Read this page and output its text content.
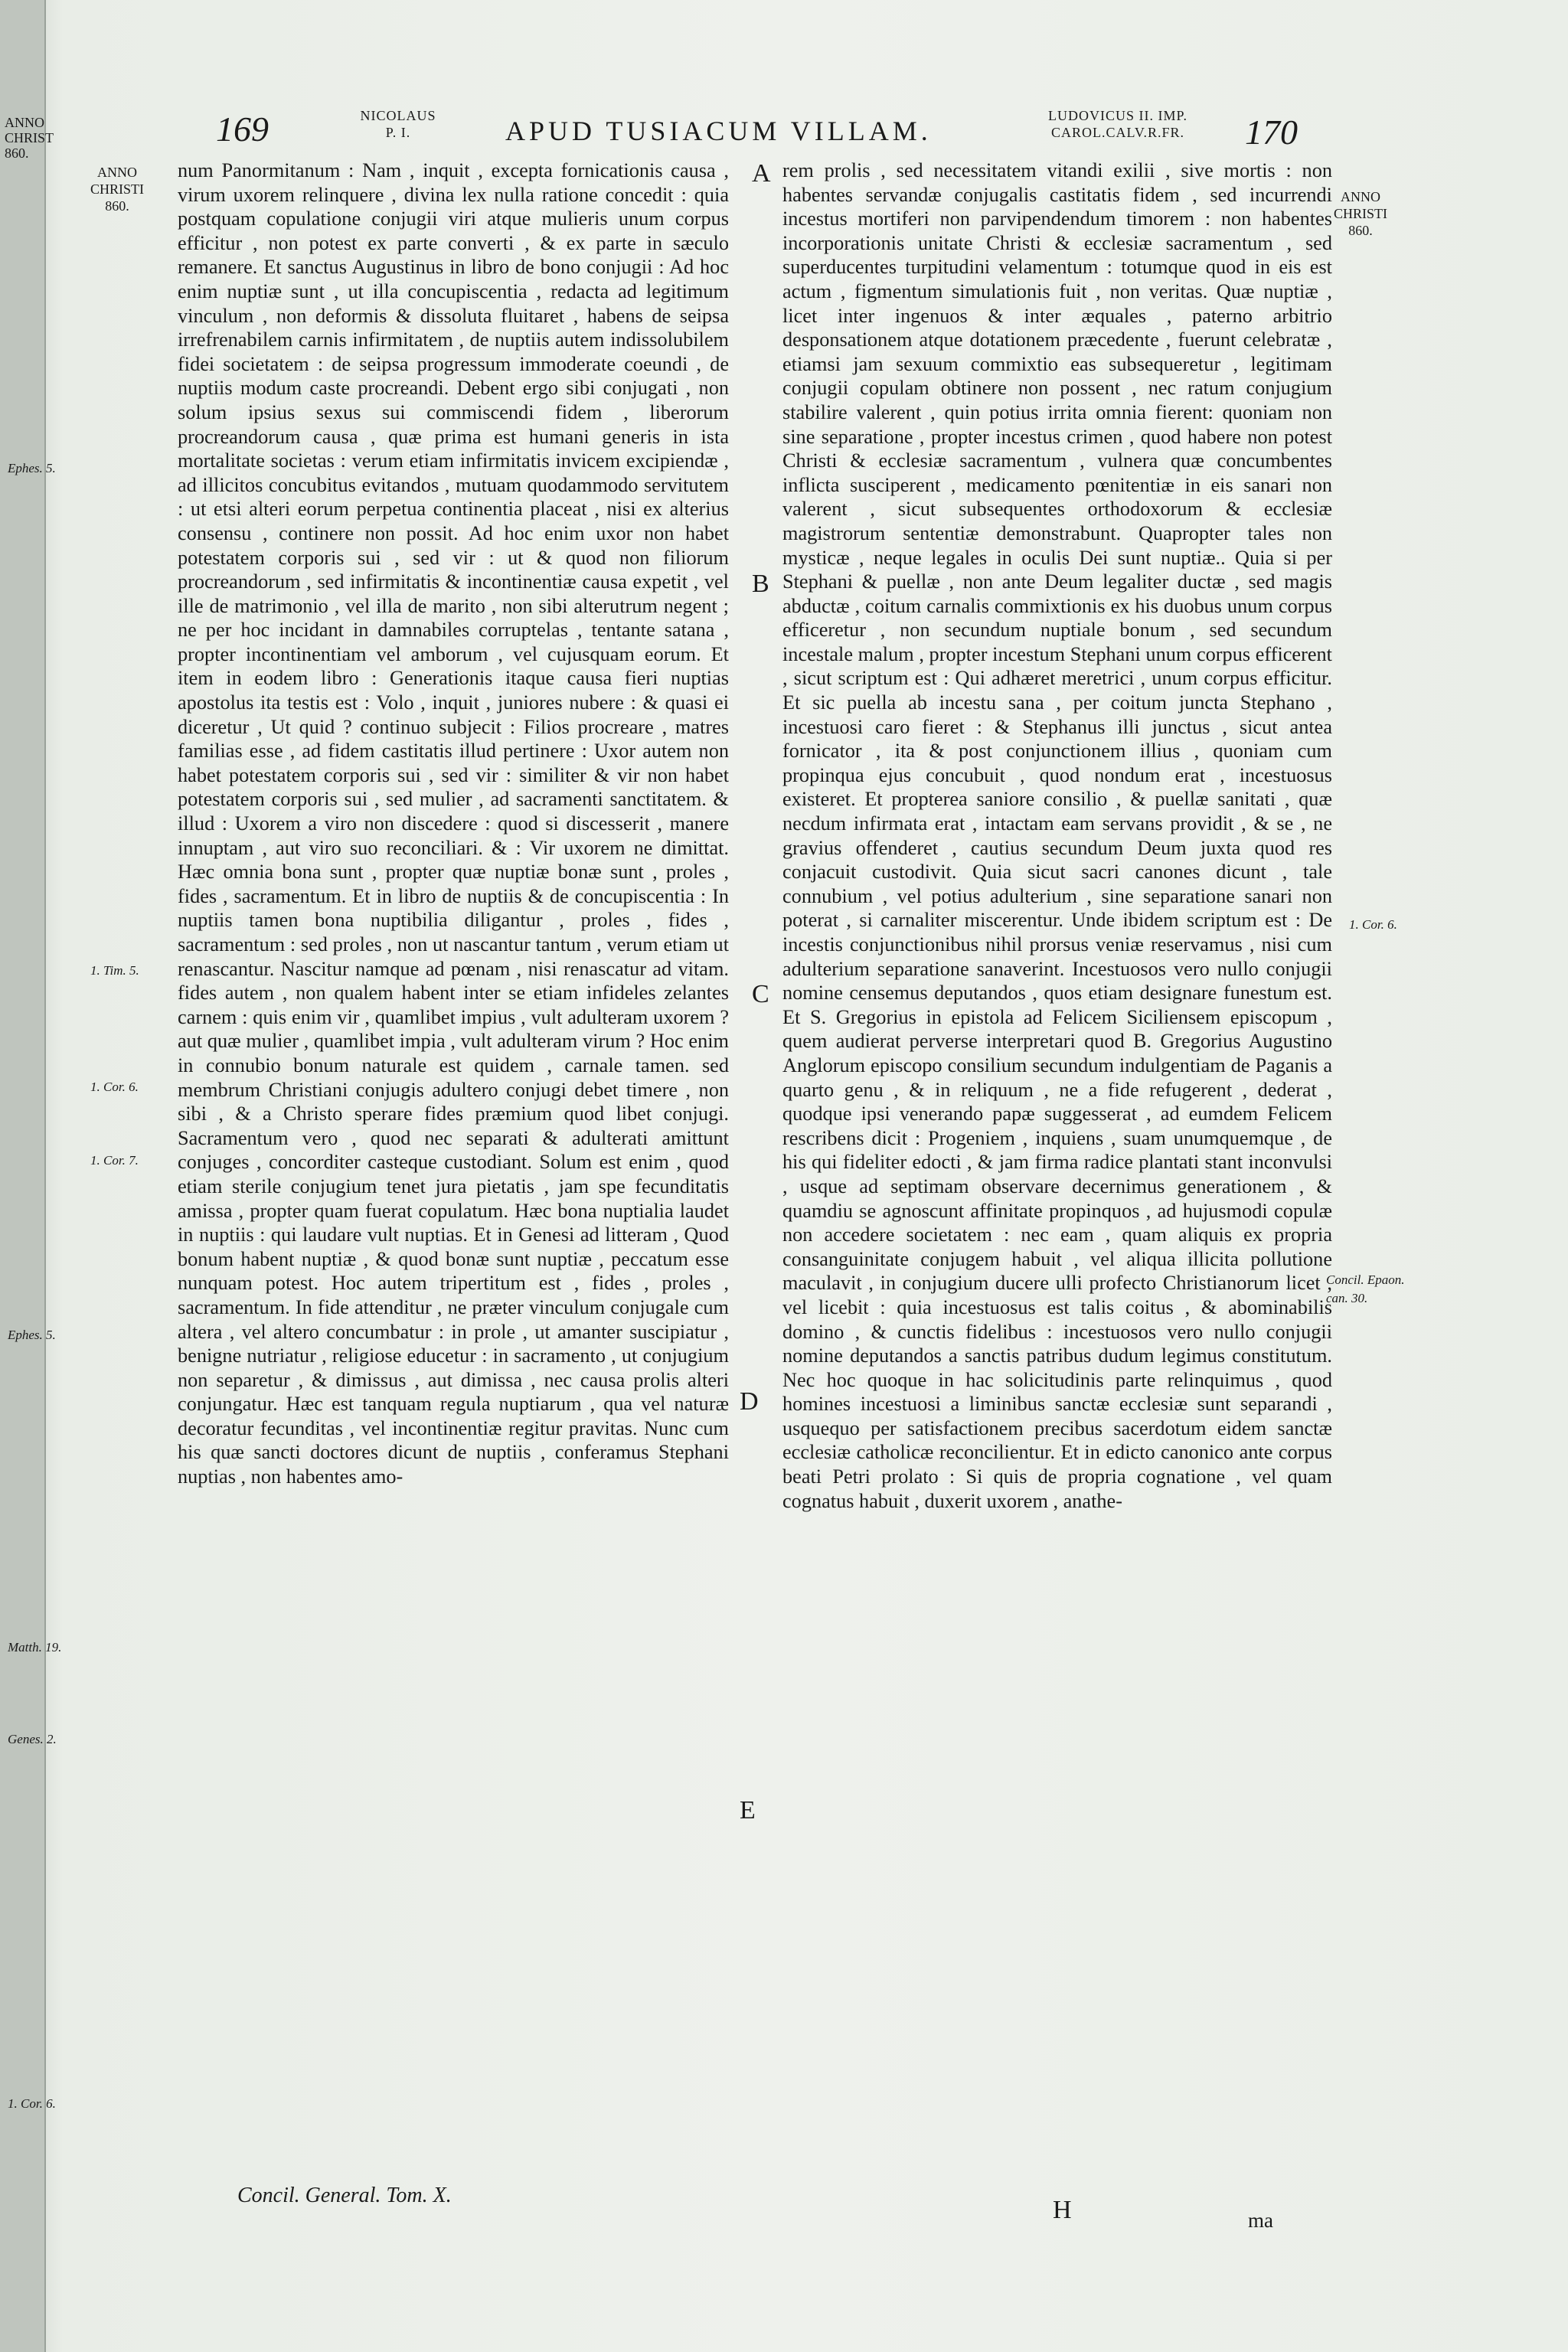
ANNO
CHRIST
860.
169	NICOLAUS
P. I.	APUD TUSIACUM VILLAM.	LUDOVICUS II. IMP.
CAROL.CALV.R.FR.	170
ANNO
CHRISTI
860.
ANNO
CHRISTI
860.
Ephes. 5.
1. Tim. 5.
1. Cor. 6.
1. Cor. 7.
Ephes. 5.
Matth. 19.
Genes. 2.
1. Cor. 6.
1. Cor. 6.
Concil. Epaon. can. 30.
A
B
C
D
E
num Panormitanum : Nam , inquit , excepta fornicationis causa , virum uxorem relinquere , divina lex nulla ratione concedit : quia postquam copulatione conjugii viri atque mulieris unum corpus efficitur , non potest ex parte converti , & ex parte in sæculo remanere. Et sanctus Augustinus in libro de bono conjugii : Ad hoc enim nuptiæ sunt , ut illa concupiscentia , redacta ad legitimum vinculum , non deformis & dissoluta fluitaret , habens de seipsa irrefrenabilem carnis infirmitatem , de nuptiis autem indissolubilem fidei societatem : de seipsa progressum immoderate coeundi , de nuptiis modum caste procreandi. Debent ergo sibi conjugati , non solum ipsius sexus sui commiscendi fidem , liberorum procreandorum causa , quæ prima est humani generis in ista mortalitate societas : verum etiam infirmitatis invicem excipiendæ , ad illicitos concubitus evitandos , mutuam quodammodo servitutem : ut etsi alteri eorum perpetua continentia placeat , nisi ex alterius consensu , continere non possit. Ad hoc enim uxor non habet potestatem corporis sui , sed vir : ut & quod non filiorum procreandorum , sed infirmitatis & incontinentiæ causa expetit , vel ille de matrimonio , vel illa de marito , non sibi alterutrum negent ; ne per hoc incidant in damnabiles corruptelas , tentante satana , propter incontinentiam vel amborum , vel cujusquam eorum. Et item in eodem libro : Generationis itaque causa fieri nuptias apostolus ita testis est : Volo , inquit , juniores nubere : & quasi ei diceretur , Ut quid ? continuo subjecit : Filios procreare , matres familias esse , ad fidem castitatis illud pertinere : Uxor autem non habet potestatem corporis sui , sed vir : similiter & vir non habet potestatem corporis sui , sed mulier , ad sacramenti sanctitatem. & illud : Uxorem a viro non discedere : quod si discesserit , manere innuptam , aut viro suo reconciliari. & : Vir uxorem ne dimittat. Hæc omnia bona sunt , propter quæ nuptiæ bonæ sunt , proles , fides , sacramentum. Et in libro de nuptiis & de concupiscentia : In nuptiis tamen bona nuptibilia diligantur , proles , fides , sacramentum : sed proles , non ut nascantur tantum , verum etiam ut renascantur. Nascitur namque ad pœnam , nisi renascatur ad vitam. fides autem , non qualem habent inter se etiam infideles zelantes carnem : quis enim vir , quamlibet impius , vult adulteram uxorem ? aut quæ mulier , quamlibet impia , vult adulteram virum ? Hoc enim in connubio bonum naturale est quidem , carnale tamen. sed membrum Christiani conjugis adultero conjugi debet timere , non sibi , & a Christo sperare fides præmium quod libet conjugi. Sacramentum vero , quod nec separati & adulterati amittunt conjuges , concorditer casteque custodiant. Solum est enim , quod etiam sterile conjugium tenet jura pietatis , jam spe fecunditatis amissa , propter quam fuerat copulatum. Hæc bona nuptialia laudet in nuptiis : qui laudare vult nuptias. Et in Genesi ad litteram , Quod bonum habent nuptiæ , & quod bonæ sunt nuptiæ , peccatum esse nunquam potest. Hoc autem tripertitum est , fides , proles , sacramentum. In fide attenditur , ne præter vinculum conjugale cum altera , vel altero concumbatur : in prole , ut amanter suscipiatur , benigne nutriatur , religiose educetur : in sacramento , ut conjugium non separetur , & dimissus , aut dimissa , nec causa prolis alteri conjungatur. Hæc est tanquam regula nuptiarum , qua vel naturæ decoratur fecunditas , vel incontinentiæ regitur pravitas. Nunc cum his quæ sancti doctores dicunt de nuptiis , conferamus Stephani nuptias , non habentes amo-
rem prolis , sed necessitatem vitandi exilii , sive mortis : non habentes servandæ conjugalis castitatis fidem , sed incurrendi incestus mortiferi non parvipendendum timorem : non habentes incorporationis unitate Christi & ecclesiæ sacramentum , sed superducentes turpitudini velamentum : totumque quod in eis est actum , figmentum simulationis fuit , non veritas. Quæ nuptiæ , licet inter ingenuos & inter æquales , paterno arbitrio desponsationem atque dotationem præcedente , fuerunt celebratæ , etiamsi jam sexuum commixtio eas subsequeretur , legitimam conjugii copulam obtinere non possent , nec ratum conjugium stabilire valerent , quin potius irrita omnia fierent: quoniam non sine separatione , propter incestus crimen , quod habere non potest Christi & ecclesiæ sacramentum , vulnera quæ concumbentes inflicta susciperent , medicamento pœnitentiæ in eis sanari non valerent , sicut subsequentes orthodoxorum & ecclesiæ magistrorum sententiæ demonstrabunt. Quapropter tales non mysticæ , neque legales in oculis Dei sunt nuptiæ.. Quia si per Stephani & puellæ , non ante Deum legaliter ductæ , sed magis abductæ , coitum carnalis commixtionis ex his duobus unum corpus efficeretur , non secundum nuptiale bonum , sed secundum incestale malum , propter incestum Stephani unum corpus efficerent , sicut scriptum est : Qui adhæret meretrici , unum corpus efficitur. Et sic puella ab incestu sana , per coitum juncta Stephano , incestuosi caro fieret : & Stephanus illi junctus , sicut antea fornicator , ita & post conjunctionem illius , quoniam cum propinqua ejus concubuit , quod nondum erat , incestuosus existeret. Et propterea saniore consilio , & puellæ sanitati , quæ necdum infirmata erat , intactam eam servans providit , & se , ne gravius offenderet , cautius secundum Deum juxta quod res conjacuit custodivit. Quia sicut sacri canones dicunt , tale connubium , vel potius adulterium , sine separatione sanari non poterat , si carnaliter miscerentur. Unde ibidem scriptum est : De incestis conjunctionibus nihil prorsus veniæ reservamus , nisi cum adulterium separatione sanaverint. Incestuosos vero nullo conjugii nomine censemus deputandos , quos etiam designare funestum est. Et S. Gregorius in epistola ad Felicem Siciliensem episcopum , quem audierat perverse interpretari quod B. Gregorius Augustino Anglorum episcopo consilium secundum indulgentiam de Paganis a quarto genu , & in reliquum , ne a fide refugerent , dederat , quodque ipsi venerando papæ suggesserat , ad eumdem Felicem rescribens dicit : Progeniem , inquiens , suam unumquemque , de his qui fideliter edocti , & jam firma radice plantati stant inconvulsi , usque ad septimam observare decernimus generationem , & quamdiu se agnoscunt affinitate propinquos , ad hujusmodi copulæ non accedere societatem : nec eam , quam aliquis ex propria consanguinitate conjugem habuit , vel aliqua illicita pollutione maculavit , in conjugium ducere ulli profecto Christianorum licet , vel licebit : quia incestuosus est talis coitus , & abominabilis domino , & cunctis fidelibus : incestuosos vero nullo conjugii nomine deputandos a sanctis patribus dudum legimus constitutum. Nec hoc quoque in hac solicitudinis parte relinquimus , quod homines incestuosi a liminibus sanctæ ecclesiæ sunt separandi , usquequo per satisfactionem precibus sacerdotum eidem sanctæ ecclesiæ catholicæ reconcilientur. Et in edicto canonico ante corpus beati Petri prolato : Si quis de propria cognatione , vel quam cognatus habuit , duxerit uxorem , anathe-
Concil. General. Tom. X.
H	ma
